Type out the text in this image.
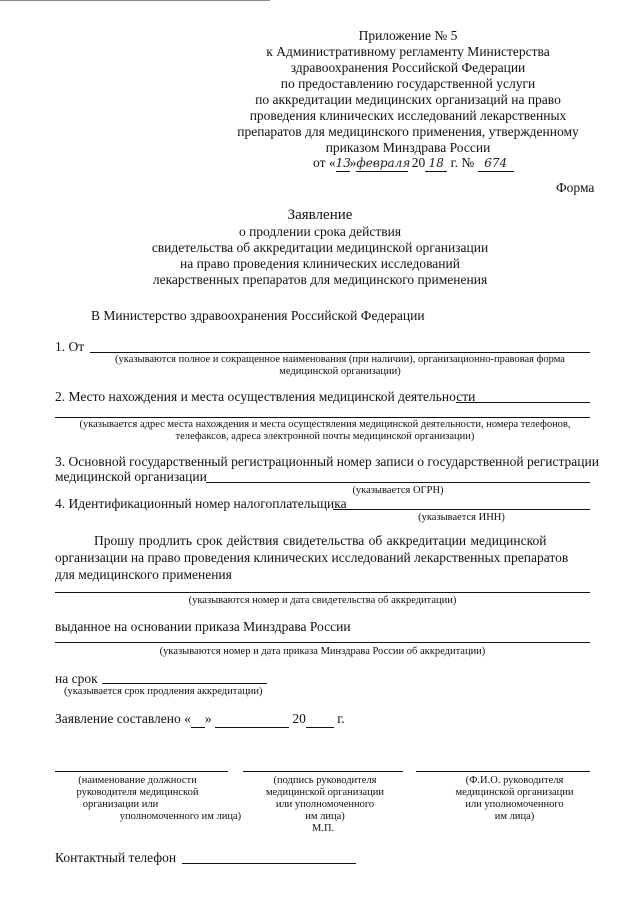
Приложение № 5
к Административному регламенту Министерства
здравоохранения Российской Федерации
по предоставлению государственной услуги
по аккредитации медицинских организаций на право
проведения клинических исследований лекарственных
препаратов для медицинского применения, утвержденному
приказом Минздрава России
от «13»февраля 20 18 г. № 674
Форма
Заявление
о продлении срока действия
свидетельства об аккредитации медицинской организации
на право проведения клинических исследований
лекарственных препаратов для медицинского применения
В Министерство здравоохранения Российской Федерации
1. От
(указываются полное и сокращенное наименования (при наличии), организационно-правовая форма
медицинской организации)
2. Место нахождения и места осуществления медицинской деятельности
(указывается адрес места нахождения и места осуществления медицинской деятельности, номера телефонов,
телефаксов, адреса электронной почты медицинской организации)
3. Основной государственный регистрационный номер записи о государственной регистрации
медицинской организации
(указывается ОГРН)
4. Идентификационный номер налогоплательщика
(указывается ИНН)
Прошу продлить срок действия свидетельства об аккредитации медицинской
организации на право проведения клинических исследований лекарственных препаратов
для медицинского применения
(указываются номер и дата свидетельства об аккредитации)
выданное на основании приказа Минздрава России
(указываются номер и дата приказа Минздрава России об аккредитации)
на срок
(указывается срок продления аккредитации)
Заявление составлено « »	20 г.
(наименование должности
руководителя медицинской
организации или
уполномоченного им лица)
(подпись руководителя
медицинской организации
или уполномоченного
им лица)
М.П.
(Ф.И.О. руководителя
медицинской организации
или уполномоченного
им лица)
Контактный телефон
